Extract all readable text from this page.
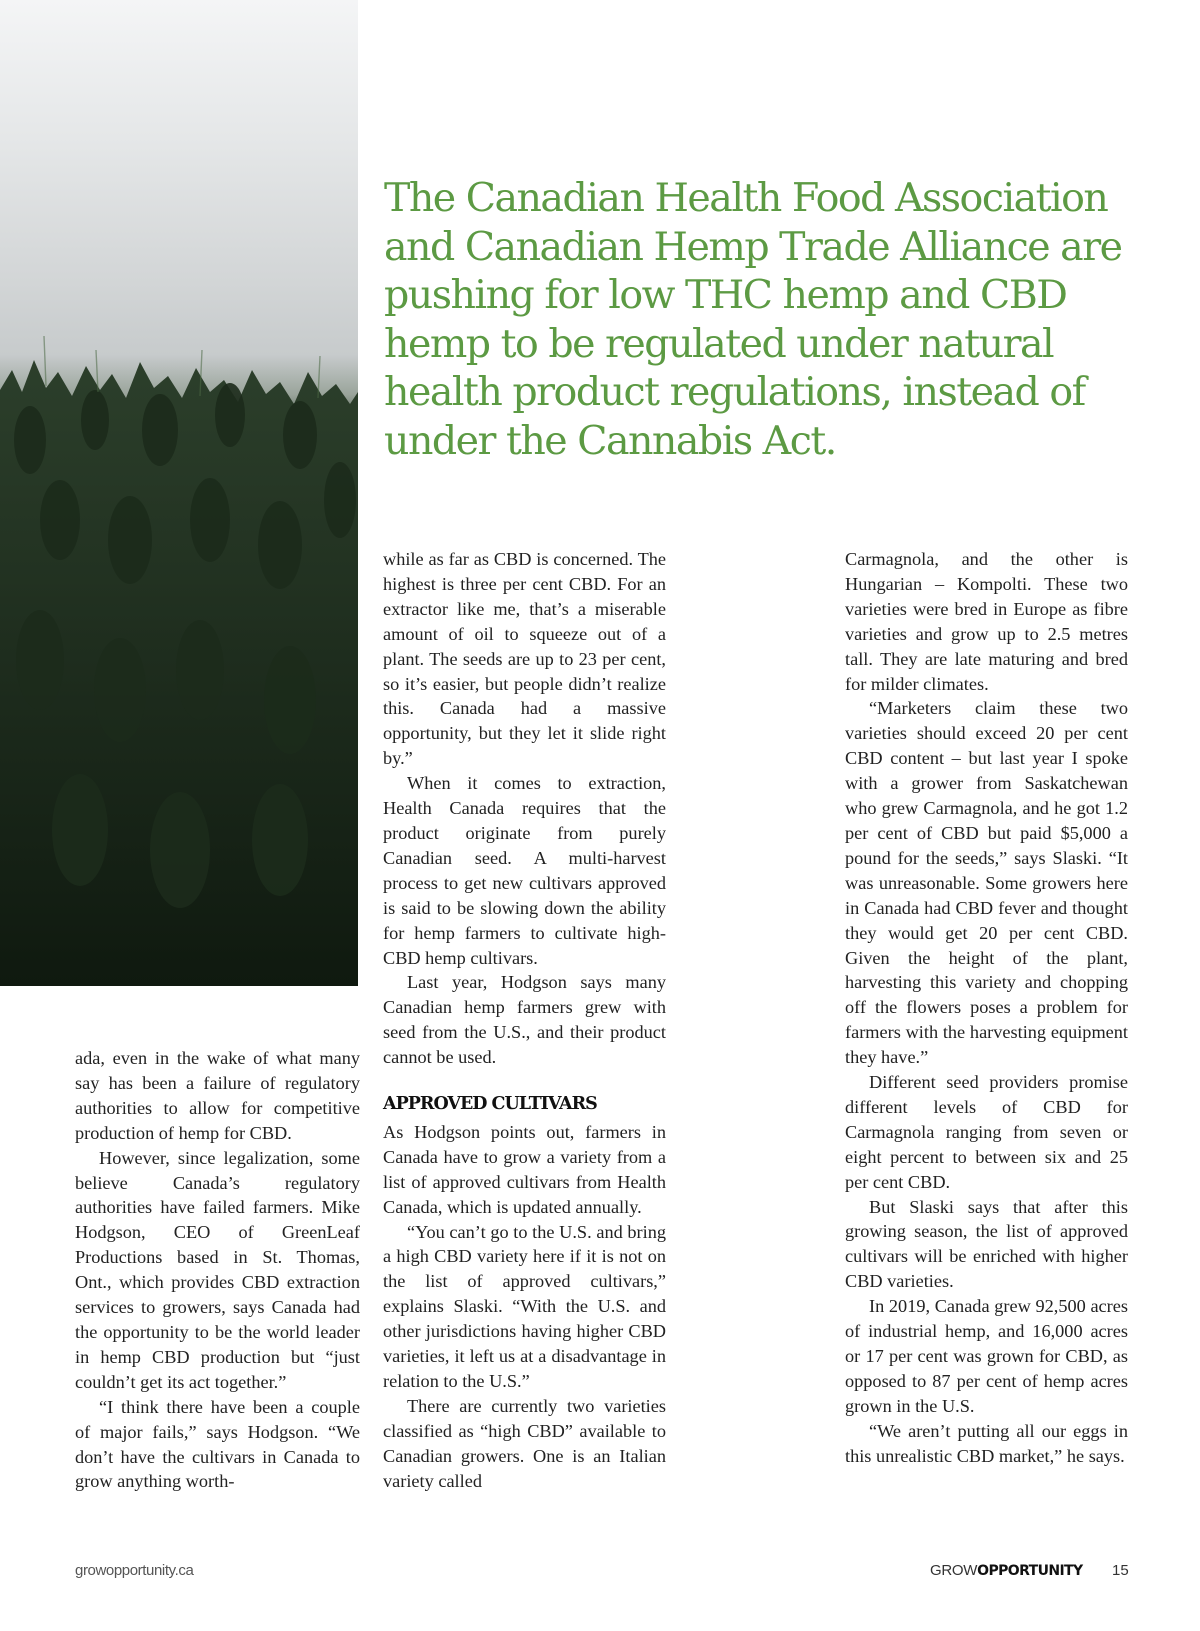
The Canadian Health Food Association and Canadian Hemp Trade Alliance are pushing for low THC hemp and CBD hemp to be regulated under natural health product regulations, instead of under the Cannabis Act.

ada, even in the wake of what many say has been a failure of regulatory authorities to allow for competitive production of hemp for CBD.

However, since legalization, some believe Canada’s regulatory authorities have failed farmers. Mike Hodgson, CEO of GreenLeaf Productions based in St. Thomas, Ont., which provides CBD extraction services to growers, says Canada had the opportunity to be the world leader in hemp CBD production but “just couldn’t get its act together.”

“I think there have been a couple of major fails,” says Hodgson. “We don’t have the cultivars in Canada to grow anything worth-

while as far as CBD is concerned. The highest is three per cent CBD. For an extractor like me, that’s a miserable amount of oil to squeeze out of a plant. The seeds are up to 23 per cent, so it’s easier, but people didn’t realize this. Canada had a massive opportunity, but they let it slide right by.”

When it comes to extraction, Health Canada requires that the product originate from purely Canadian seed. A multi-harvest process to get new cultivars approved is said to be slowing down the ability for hemp farmers to cultivate high-CBD hemp cultivars.

Last year, Hodgson says many Canadian hemp farmers grew with seed from the U.S., and their product cannot be used.

APPROVED CULTIVARS

As Hodgson points out, farmers in Canada have to grow a variety from a list of approved cultivars from Health Canada, which is updated annually.

“You can’t go to the U.S. and bring a high CBD variety here if it is not on the list of approved cultivars,” explains Slaski. “With the U.S. and other jurisdictions having higher CBD varieties, it left us at a disadvantage in relation to the U.S.”

There are currently two varieties classified as “high CBD” available to Canadian growers. One is an Italian variety called

Carmagnola, and the other is Hungarian – Kompolti. These two varieties were bred in Europe as fibre varieties and grow up to 2.5 metres tall. They are late maturing and bred for milder climates.

“Marketers claim these two varieties should exceed 20 per cent CBD content – but last year I spoke with a grower from Saskatchewan who grew Carmagnola, and he got 1.2 per cent of CBD but paid $5,000 a pound for the seeds,” says Slaski. “It was unreasonable. Some growers here in Canada had CBD fever and thought they would get 20 per cent CBD. Given the height of the plant, harvesting this variety and chopping off the flowers poses a problem for farmers with the harvesting equipment they have.”

Different seed providers promise different levels of CBD for Carmagnola ranging from seven or eight percent to between six and 25 per cent CBD.

But Slaski says that after this growing season, the list of approved cultivars will be enriched with higher CBD varieties.

In 2019, Canada grew 92,500 acres of industrial hemp, and 16,000 acres or 17 per cent was grown for CBD, as opposed to 87 per cent of hemp acres grown in the U.S.

“We aren’t putting all our eggs in this unrealistic CBD market,” he says.

growopportunity.ca	GROWOPPORTUNITY 15
